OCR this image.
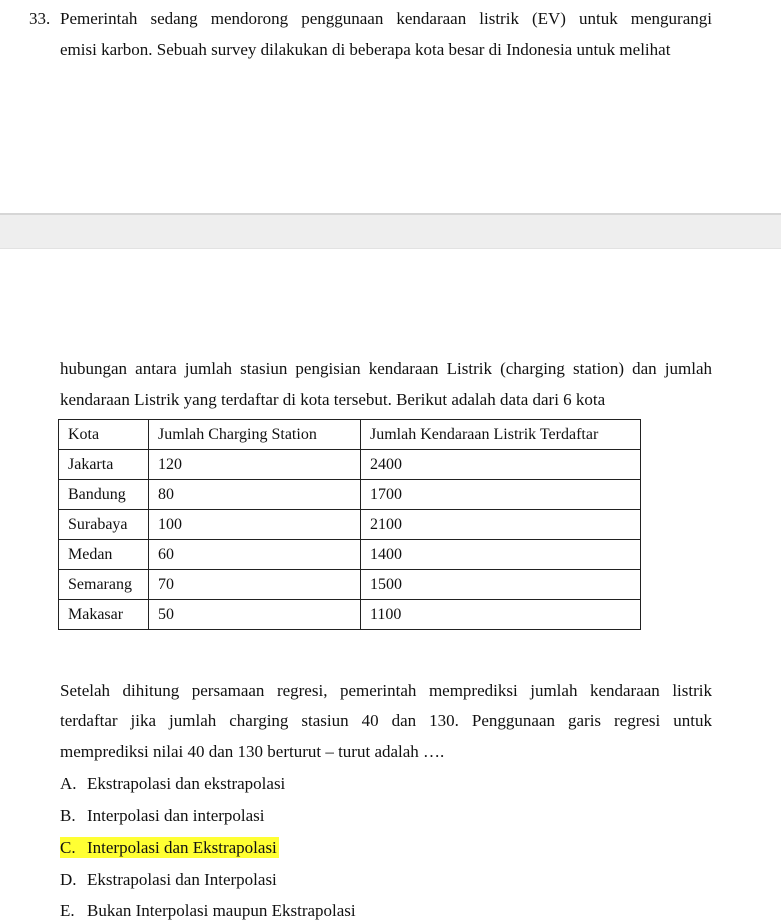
33. Pemerintah sedang mendorong penggunaan kendaraan listrik (EV) untuk mengurangi
emisi karbon. Sebuah survey dilakukan di beberapa kota besar di Indonesia untuk melihat
hubungan antara jumlah stasiun pengisian kendaraan Listrik (charging station) dan jumlah
kendaraan Listrik yang terdaftar di kota tersebut. Berikut adalah data dari 6 kota
Kota	Jumlah Charging Station	Jumlah Kendaraan Listrik Terdaftar
Jakarta	120	2400
Bandung	80	1700
Surabaya	100	2100
Medan	60	1400
Semarang	70	1500
Makasar	50	1100
Setelah dihitung persamaan regresi, pemerintah memprediksi jumlah kendaraan listrik
terdaftar jika jumlah charging stasiun 40 dan 130. Penggunaan garis regresi untuk
memprediksi nilai 40 dan 130 berturut – turut adalah ….
A. Ekstrapolasi dan ekstrapolasi
B. Interpolasi dan interpolasi
C. Interpolasi dan Ekstrapolasi
D. Ekstrapolasi dan Interpolasi
E. Bukan Interpolasi maupun Ekstrapolasi
